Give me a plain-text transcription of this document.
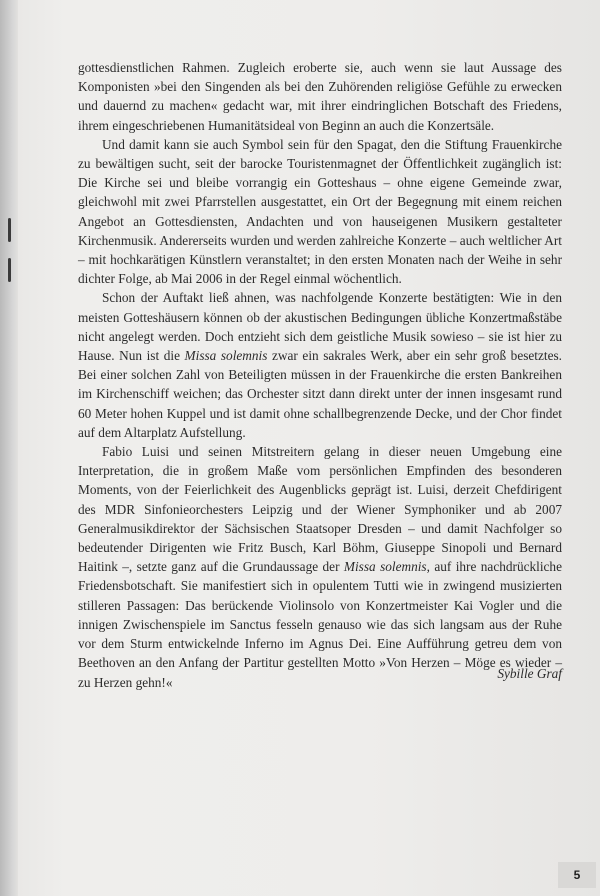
gottesdienstlichen Rahmen. Zugleich eroberte sie, auch wenn sie laut Aussage des Komponisten »bei den Singenden als bei den Zuhörenden religiöse Gefühle zu erwecken und dauernd zu machen« gedacht war, mit ihrer eindringlichen Botschaft des Friedens, ihrem eingeschriebenen Humanitätsideal von Beginn an auch die Konzertsäle.

Und damit kann sie auch Symbol sein für den Spagat, den die Stiftung Frauenkirche zu bewältigen sucht, seit der barocke Touristenmagnet der Öffentlichkeit zugänglich ist: Die Kirche sei und bleibe vorrangig ein Gotteshaus – ohne eigene Gemeinde zwar, gleichwohl mit zwei Pfarrstellen ausgestattet, ein Ort der Begegnung mit einem reichen Angebot an Gottesdiensten, Andachten und von hauseigenen Musikern gestalteter Kirchenmusik. Andererseits wurden und werden zahlreiche Konzerte – auch weltlicher Art – mit hochkarätigen Künstlern veranstaltet; in den ersten Monaten nach der Weihe in sehr dichter Folge, ab Mai 2006 in der Regel einmal wöchentlich.

Schon der Auftakt ließ ahnen, was nachfolgende Konzerte bestätigten: Wie in den meisten Gotteshäusern können ob der akustischen Bedingungen übliche Konzertmaßstäbe nicht angelegt werden. Doch entzieht sich dem geistliche Musik sowieso – sie ist hier zu Hause. Nun ist die Missa solemnis zwar ein sakrales Werk, aber ein sehr groß besetztes. Bei einer solchen Zahl von Beteiligten müssen in der Frauenkirche die ersten Bankreihen im Kirchenschiff weichen; das Orchester sitzt dann direkt unter der innen insgesamt rund 60 Meter hohen Kuppel und ist damit ohne schallbegrenzende Decke, und der Chor findet auf dem Altarplatz Aufstellung.

Fabio Luisi und seinen Mitstreitern gelang in dieser neuen Umgebung eine Interpretation, die in großem Maße vom persönlichen Empfinden des besonderen Moments, von der Feierlichkeit des Augenblicks geprägt ist. Luisi, derzeit Chefdirigent des MDR Sinfonieorchesters Leipzig und der Wiener Symphoniker und ab 2007 Generalmusikdirektor der Sächsischen Staatsoper Dresden – und damit Nachfolger so bedeutender Dirigenten wie Fritz Busch, Karl Böhm, Giuseppe Sinopoli und Bernard Haitink –, setzte ganz auf die Grundaussage der Missa solemnis, auf ihre nachdrückliche Friedensbotschaft. Sie manifestiert sich in opulentem Tutti wie in zwingend musizierten stilleren Passagen: Das berückende Violinsolo von Konzertmeister Kai Vogler und die innigen Zwischenspiele im Sanctus fesseln genauso wie das sich langsam aus der Ruhe vor dem Sturm entwickelnde Inferno im Agnus Dei. Eine Aufführung getreu dem von Beethoven an den Anfang der Partitur gestellten Motto »Von Herzen – Möge es wieder – zu Herzen gehn!«

Sybille Graf
5
